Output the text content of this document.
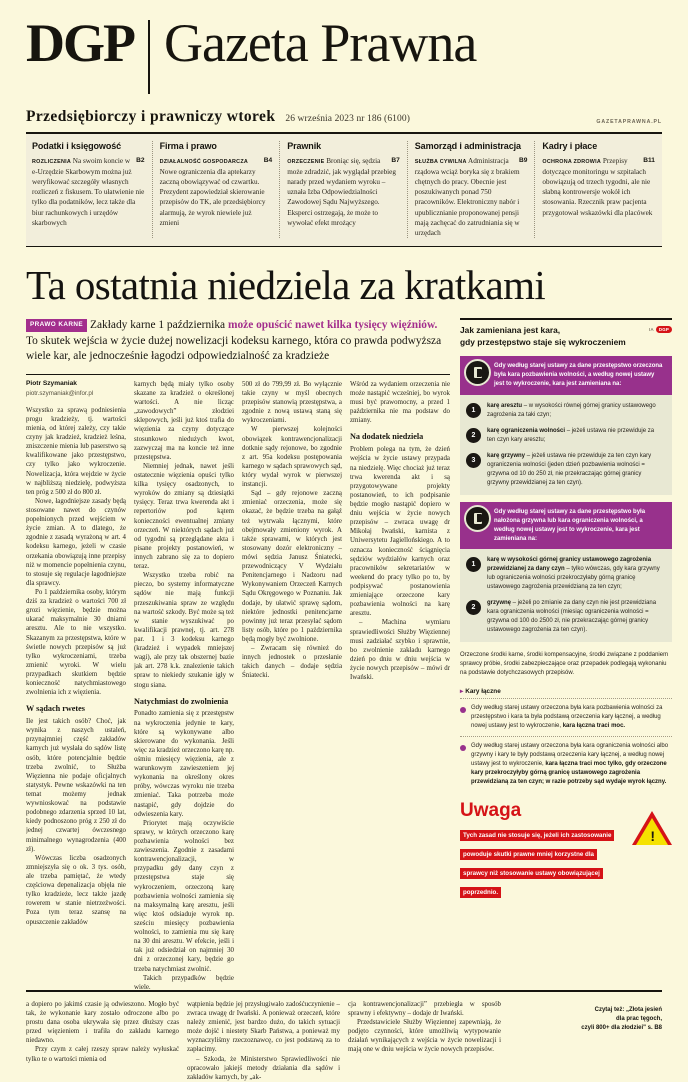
DGP Gazeta Prawna
Przedsiębiorczy i prawniczy wtorek 26 września 2023 nr 186 (6100)	GAZETAPRAWNA.PL
Podatki i księgowość
B2
ROZLICZENIA Na swoim koncie w e-Urzędzie Skarbowym można już weryfikować szczegóły własnych rozliczeń z fiskusem. To ułatwienie nie tylko dla podatników, lecz także dla biur rachunkowych i urzędów skarbowych
Firma i prawo
B4
DZIAŁALNOŚĆ GOSPODARCZA Nowe ograniczenia dla aptekarzy zaczną obowiązywać od czwartku. Prezydent zapowiedział skierowanie przepisów do TK, ale przedsiębiorcy alarmują, że wyrok niewiele już zmieni
Prawnik
B7
ORZECZENIE Broniąc się, sędzia może zdradzić, jak wyglądał przebieg narady przed wydaniem wyroku – uznała Izba Odpowiedzialności Zawodowej Sądu Najwyższego. Eksperci ostrzegają, że może to wywołać efekt mrożący
Samorząd i administracja
B9
SŁUŻBA CYWILNA Administracja rządowa wciąż boryka się z brakiem chętnych do pracy. Obecnie jest poszukiwanych ponad 750 pracowników. Elektroniczny nabór i upublicznianie proponowanej pensji mają zachęcać do zatrudniania się w urzędach
Kadry i płace
B11
OCHRONA ZDROWIA Przepisy dotyczące monitoringu w szpitalach obowiązują od trzech tygodni, ale nie słabną kontrowersje wokół ich stosowania. Rzecznik praw pacjenta przygotował wskazówki dla placówek
Ta ostatnia niedziela za kratkami
PRAWO KARNE Zakłady karne 1 października może opuścić nawet kilka tysięcy więźniów. To skutek wejścia w życie dużej nowelizacji kodeksu karnego, która co prawda podwyższa wiele kar, ale jednocześnie łagodzi odpowiedzialność za kradzieże
Piotr Szymaniak
piotr.szymaniak@infor.pl

Wszystko za sprawą podniesienia progu kradzieży, tj. wartości mienia, od której zależy, czy takie czyny jak kradzież, kradzież leśna, zniszczenie mienia lub paserstwo są kwalifikowane jako przestępstwo, czy tylko jako wykroczenie. Nowelizacja, która wejdzie w życie w najbliższą niedzielę, podwyższa ten próg z 500 zł do 800 zł.

Nowe, łagodniejsze zasady będą stosowane nawet do czynów popełnionych przed wejściem w życie zmian. A to dlatego, że zgodnie z zasadą wyrażoną w art. 4 kodeksu karnego, jeżeli w czasie orzekania obowiązują inne przepisy niż w momencie popełnienia czynu, to stosuje się regulacje łagodniejsze dla sprawcy.

Po 1 października osoby, którym dziś za kradzież o wartości 700 zł grozi więzienie, będzie można ukarać maksymalnie 30 dniami aresztu. Ale to nie wszystko. Skazanym za przestępstwa, które w świetle nowych przepisów są już tylko wykroczeniami, trzeba zmienić wyroki. W wielu przypadkach skutkiem będzie konieczność natychmiastowego zwolnienia ich z więzienia.

W sądach rwetes

Ile jest takich osób? Choć, jak wynika z naszych ustaleń, przynajmniej część zakładów karnych już wysłała do sądów listę osób, które potencjalnie będzie trzeba zwolnić, to Służba Więzienna nie podaje oficjalnych statystyk. Pewne wskazówki na ten temat możemy jednak wywnioskować na podstawie podobnego zdarzenia sprzed 10 lat, kiedy podnoszono próg z 250 zł do jednej czwartej ówczesnego minimalnego wynagrodzenia (400 zł).

Wówczas liczba osadzonych zmniejszyła się o ok. 3 tys. osób, ale trzeba pamiętać, że wtedy częściowa depenalizacja objęła nie tylko kradzieże, lecz także jazdę rowerem w stanie nietrzeźwości. Poza tym teraz szansę na opuszczenie zakładów

karnych będą miały tylko osoby skazane za kradzież o określonej wartości. A nie licząc „zawodowych” złodziei sklepowych, jeśli już ktoś trafia do więzienia za czyny dotyczące stosunkowo niedużych kwot, zazwyczaj ma na koncie też inne przestępstwa.

Niemniej jednak, nawet jeśli ostatecznie więzienia opuści tylko kilka tysięcy osadzonych, to wyroków do zmiany są dziesiątki tysięcy. Teraz trwa kwerenda akt i repertoriów pod kątem konieczności ewentualnej zmiany orzeczeń. W niektórych sądach już od tygodni są przeglądane akta i pisane projekty postanowień, w innych zabrano się za to dopiero teraz.

Wszystko trzeba robić na pieczo, bo systemy informatyczne sądów nie mają funkcji przeszukiwania spraw ze względu na wartość szkody. Być może są też w stanie wyszukiwać po kwalifikacji prawnej, tj. art. 278 par. 1 i 3 kodeksu karnego (kradzież i wypadek mniejszej wagi), ale przy tak obszernej bazie jak art. 278 k.k. znalezienie takich spraw to niekiedy szukanie igły w stogu siana.

Natychmiast do zwolnienia

Ponadto zamienia się z przestępstw na wykroczenia jedynie te kary, które są wykonywane albo skierowane do wykonania. Jeśli więc za kradzież orzeczono karę np. ośmiu miesięcy więzienia, ale z warunkowym zawieszeniem jej wykonania na określony okres próby, wówczas wyroku nie trzeba zmieniać. Taka potrzeba może nastąpić, gdy dojdzie do odwieszenia kary.

Priorytet mają oczywiście sprawy, w których orzeczono karę pozbawienia wolności bez zawieszenia. Zgodnie z zasadami kontrawencjonalizacji, w przypadku gdy dany czyn z przestępstwa staje się wykroczeniem, orzeczoną karę pozbawienia wolności zamienia się na maksymalną karę aresztu, jeśli więc ktoś odsiaduje wyrok np. sześciu miesięcy pozbawienia wolności, to zamienia mu się karę na 30 dni aresztu. W efekcie, jeśli i tak już odsiedział on najmniej 30 dni z orzeczonej kary, będzie go trzeba natychmiast zwolnić.

Takich przypadków będzie wiele.

500 zł do 799,99 zł. Bo wyłącznie takie czyny w myśl obecnych przepisów stanowią przestępstwa, a zgodnie z nową ustawą staną się wykroczeniami.

W pierwszej kolejności obowiązek kontrawencjonalizacji dotknie sądy rejonowe, bo zgodnie z art. 95a kodeksu postępowania karnego w sądach sprawowych sąd, który wydał wyrok w pierwszej instancji.

Sąd – gdy rejonowe zaczną zmieniać orzeczenia, może się okazać, że będzie trzeba na gałąź też wytrwała łącznymi, które obejmowały zmieniony wyrok. A także sprawami, w których jest stosowany dozór elektroniczny – mówi sędzia Janusz Śniatecki, przewodniczący V Wydziału Penitencjarnego i Nadzoru nad Wykonywaniem Orzeczeń Karnych Sądu Okręgowego w Poznaniu. Jak dodaje, by ułatwić sprawę sądom, niektóre jednostki penitencjarne powinny już teraz przesyłać sądom listy osób, które po 1 października będą mogły być zwolnione.

– Zwracam się również do innych jednostek o przesłanie takich danych – dodaje sędzia Śniatecki.

Wśród za wydaniem orzeczenia nie może nastąpić wcześniej, bo wyrok musi być prawomocny, a przed 1 października nie ma podstaw do zmiany.

Na dodatek niedziela

Problem polega na tym, że dzień wejścia w życie ustawy przypada na niedzielę. Więc chociaż już teraz trwa kwerenda akt i są przygotowywane projekty postanowień, to ich podpisanie będzie mogło nastąpić dopiero w dniu wejścia w życie nowych przepisów – zwraca uwagę dr Mikołaj Iwański, karnista z Uniwersytetu Jagiellońskiego. A to oznacza konieczność ściągnięcia sędziów wydziałów karnych oraz pracowników sekretariatów w weekend do pracy tylko po to, by podpisywać postanowienia zmieniające orzeczone kary pozbawienia wolności na karę aresztu.

– Machina wymiaru sprawiedliwości Służby Więziennej musi zadziałać szybko i sprawnie, bo zwolnienie zakładu karnego dzień po dniu w dniu wejścia w życie nowych przepisów – mówi dr Iwański.

Jak zamieniana jest kara,
gdy przestępstwo staje się wykroczeniem
IA	DGP
Gdy według starej ustawy za dane przestępstwo orzeczona była kara pozbawienia wolności, a według nowej ustawy jest to wykroczenie, kara jest zamieniana na:
1
karę aresztu – w wysokości równej górnej granicy ustawowego zagrożenia za taki czyn;
2
karę ograniczenia wolności – jeżeli ustawa nie przewiduje za ten czyn kary aresztu;
3
karę grzywny – jeżeli ustawa nie przewiduje za ten czyn kary ograniczenia wolności (jeden dzień pozbawienia wolności = grzywna od 10 do 250 zł, nie przekraczając górnej granicy grzywny przewidzianej za ten czyn).
Gdy według starej ustawy za dane przestępstwo była nałożona grzywna lub kara ograniczenia wolności, a według nowej ustawy jest to wykroczenie, kara jest zamieniana na:
1
karę w wysokości górnej granicy ustawowego zagrożenia przewidzianej za dany czyn – tylko wówczas, gdy kara grzywny lub ograniczenia wolności przekroczyłaby górną granicę ustawowego zagrożenia przewidzianą za ten czyn;
2
grzywnę – jeżeli po zmianie za dany czyn nie jest przewidziana kara ograniczenia wolności (miesiąc ograniczenia wolności = grzywna od 100 do 2500 zł, nie przekraczając górnej granicy ustawowego zagrożenia za ten czyn).
Orzeczone środki karne, środki kompensacyjne, środki związane z poddaniem sprawcy próbie, środki zabezpieczające oraz przepadek podlegają wykonaniu na podstawie dotychczasowych przepisów.
▸ Kary łączne
Gdy według starej ustawy orzeczona była kara pozbawienia wolności za przestępstwo i kara ta była podstawą orzeczenia kary łącznej, a według nowej ustawy jest to wykroczenie, kara łączna traci moc.
Gdy według starej ustawy orzeczona była kara ograniczenia wolności albo grzywny i kary te były podstawą orzeczenia kary łącznej, a według nowej ustawy jest to wykroczenie, kara łączna traci moc tylko, gdy orzeczone kary przekroczyłyby górną granicę ustawowego zagrożenia przewidzianą za ten czyn; w razie potrzeby sąd wydaje wyrok łączny.
!
Uwaga
Tych zasad nie stosuje się, jeżeli ich zastosowanie powoduje skutki prawne mniej korzystne dla sprawcy niż stosowanie ustawy obowiązującej poprzednio.

a dopiero po jakimś czasie ją odwieszono. Mogło być tak, że wykonanie kary zostało odroczone albo po prostu dana osoba ukrywała się przez dłuższy czas przed więzieniem i trafiła do zakładu karnego niedawno.

Przy czym z całej rzeszy spraw należy wyłuskać tylko te o wartości mienia od

wątpienia będzie jej przysługiwało zadośćuczynienie – zwraca uwagę dr Iwański. A ponieważ orzeczeń, które należy zmienić, jest bardzo dużo, do takich sytuacji może dojść i niestety Skarb Państwa, a ponieważ my wyznaczyliśmy rzeczoznawcę, co jest podstawą za to zapłacimy.

– Szkoda, że Ministerstwo Sprawiedliwości nie opracowało jakiejś metody działania dla sądów i zakładów karnych, by „ak-

cja kontrawencjonalizacji” przebiegła w sposób sprawny i efektywny – dodaje dr Iwański.

Przedstawiciele Służby Więziennej zapewniają, że podjęto czynności, które umożliwią wytypowanie działań wynikających z wejścia w życie nowelizacji i mają one w dniu wejścia w życie nowych przepisów.

Czytaj też: „Złota jesień
dla prac tęgoch,
czyli 800+ dla złodziei" s. B8
